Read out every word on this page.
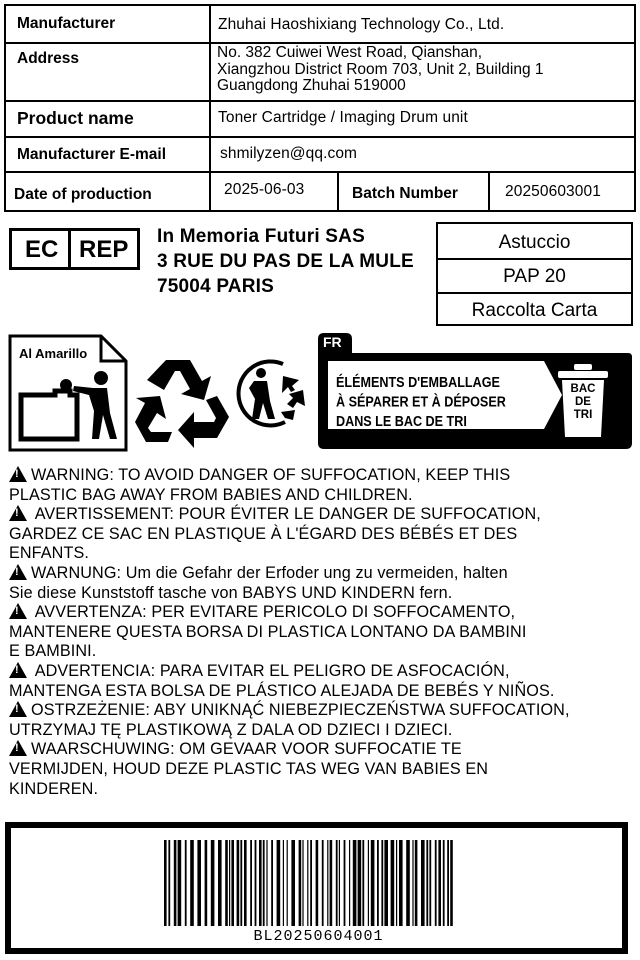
Manufacturer	Zhuhai Haoshixiang Technology Co., Ltd.
Address	No. 382 Cuiwei West Road, Qianshan,
Xiangzhou District Room 703, Unit 2, Building 1
Guangdong Zhuhai 519000
Product name	Toner Cartridge / Imaging Drum unit
Manufacturer E-mail	shmilyzen@qq.com
Date of production	2025-06-03	Batch Number	20250603001
EC REP In Memoria Futuri SAS
3 RUE DU PAS DE LA MULE
75004 PARIS
Astuccio
PAP 20
Raccolta Carta
Al Amarillo
FR
ÉLÉMENTS D'EMBALLAGE
À SÉPARER ET À DÉPOSER
DANS LE BAC DE TRI
BAC
DE
TRI

!WARNING: TO AVOID DANGER OF SUFFOCATION, KEEP THIS

PLASTIC BAG AWAY FROM BABIES AND CHILDREN.

! AVERTISSEMENT: POUR ÉVITER LE DANGER DE SUFFOCATION,

GARDEZ CE SAC EN PLASTIQUE À L'ÉGARD DES BÉBÉS ET DES

ENFANTS.

!WARNUNG: Um die Gefahr der Erfoder ung zu vermeiden, halten

Sie diese Kunststoff tasche von BABYS UND KINDERN fern.

! AVVERTENZA: PER EVITARE PERICOLO DI SOFFOCAMENTO,

MANTENERE QUESTA BORSA DI PLASTICA LONTANO DA BAMBINI

E BAMBINI.

! ADVERTENCIA: PARA EVITAR EL PELIGRO DE ASFOCACIÓN,

MANTENGA ESTA BOLSA DE PLÁSTICO ALEJADA DE BEBÉS Y NIÑOS.

!OSTRZEŻENIE: ABY UNIKNĄĆ NIEBEZPIECZEŃSTWA SUFFOCATION,

UTRZYMAJ TĘ PLASTIKOWĄ Z DALA OD DZIECI I DZIECI.

!WAARSCHUWING: OM GEVAAR VOOR SUFFOCATIE TE

VERMIJDEN, HOUD DEZE PLASTIC TAS WEG VAN BABIES EN

KINDEREN.

BL20250604001
